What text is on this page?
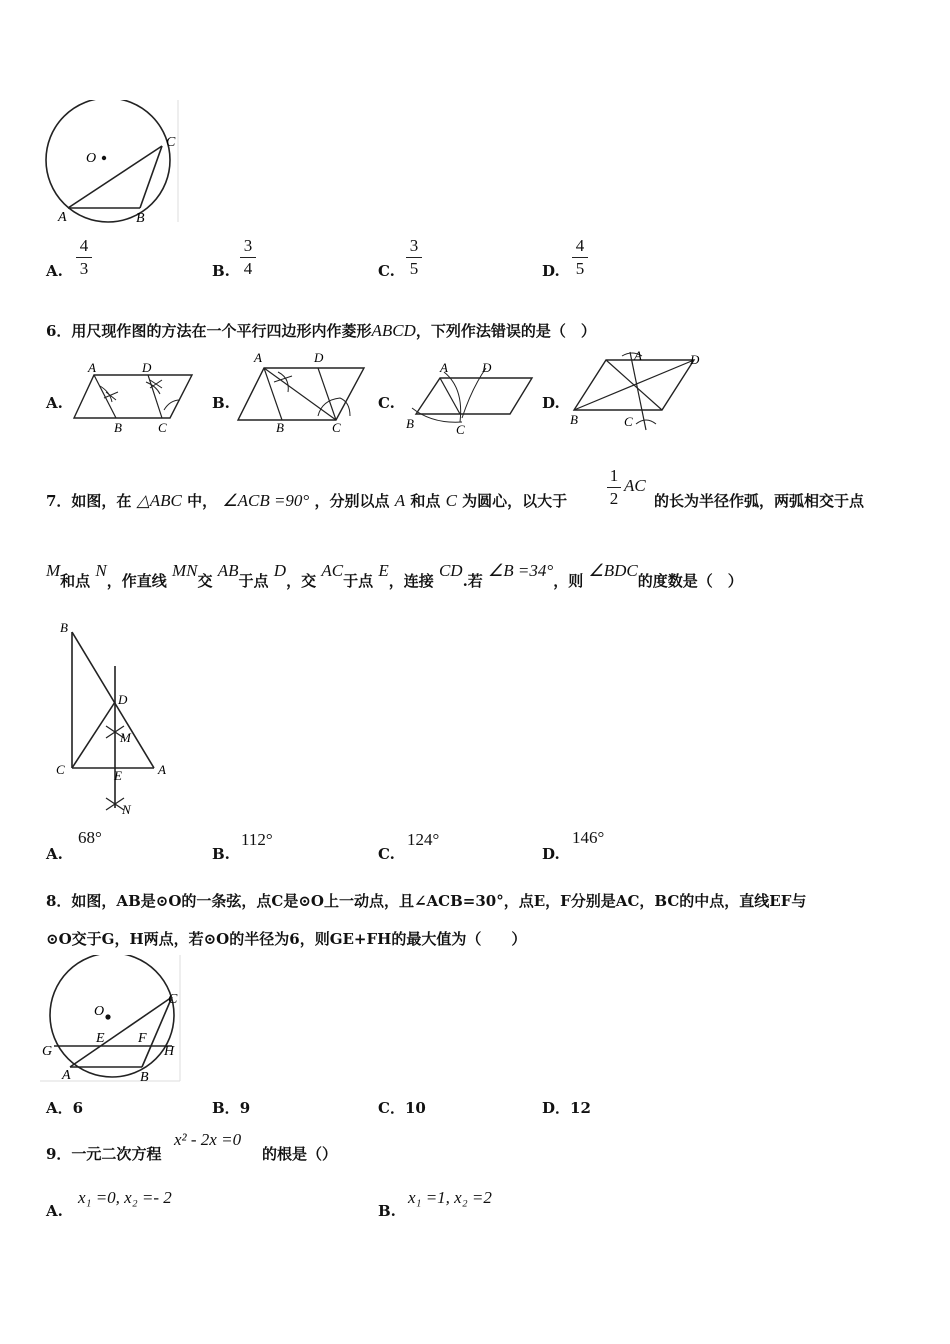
O
A	B
C
A.
4
3	B.
3
4	C.
3
5	D.
4
5
6．用尺现作图的方法在一个平行四边形内作菱形ABCD，下列作法错误的是（　）
A.
A	D
B	C
B.
A	D
B	C
C.
A	D
B	C
D.
A	D
B	C
7．如图，在 △ABC 中， ∠ACB =90° ，分别以点 A 和点 C 为圆心，以大于
1
2
AC
的长为半径作弧，两弧相交于点
M和点 N，作直线 MN交 AB于点 D，交 AC于点 E，连接 CD.若 ∠B =34°，则 ∠BDC的度数是（　）
B
D
M
C	E	A
N
A.
68°
B.
112°
C.
124°
D.
146°
8．如图，AB是⊙O的一条弦，点C是⊙O上一动点，且∠ACB=30°，点E，F分别是AC，BC的中点，直线EF与
⊙O交于G，H两点，若⊙O的半径为6，则GE+FH的最大值为（　　）
O
E F
G	H
A	B
C
A．6	B．9	C．10	D．12
9．一元二次方程
x² - 2x =0
的根是（）
A.
x₁ =0, x₂ =- 2
B.
x₁ =1, x₂ =2
